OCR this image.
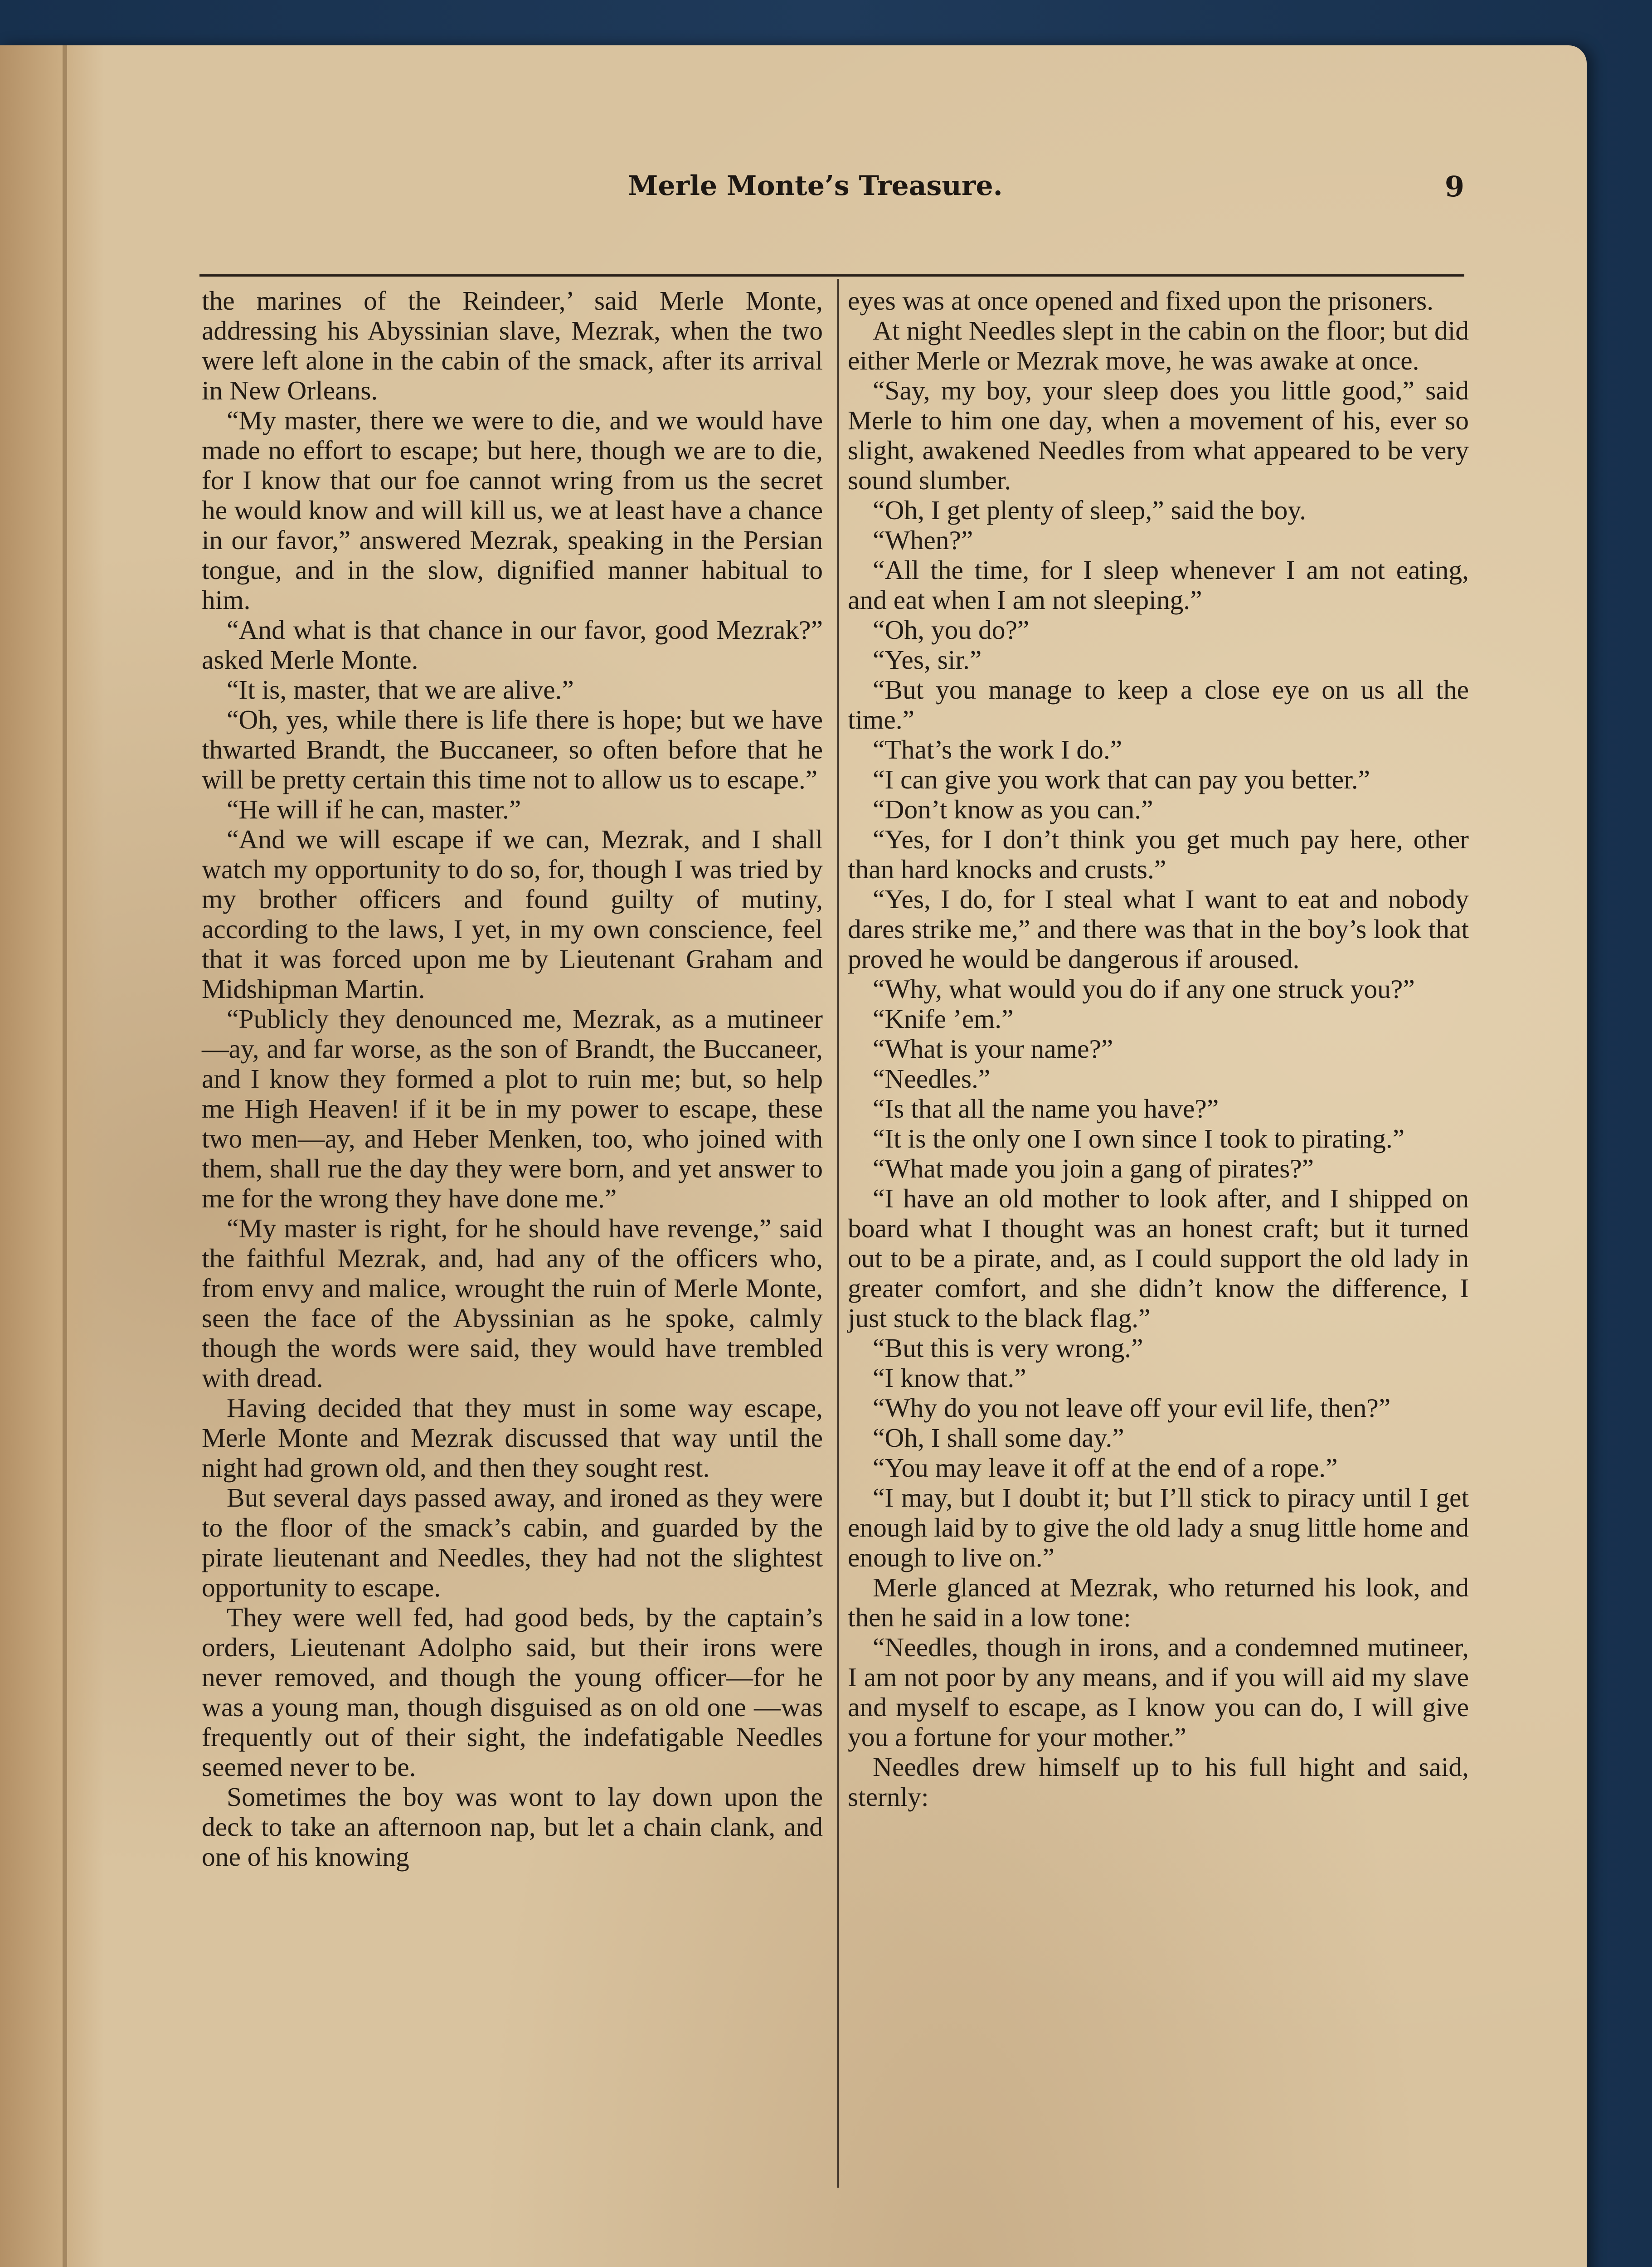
Merle Monte’s Treasure.	9

the marines of the Reindeer,’ said Merle Monte, addressing his Abyssinian slave, Mezrak, when the two were left alone in the cabin of the smack, after its arrival in New Orleans.

“My master, there we were to die, and we would have made no effort to escape; but here, though we are to die, for I know that our foe cannot wring from us the secret he would know and will kill us, we at least have a chance in our favor,” answered Mezrak, speaking in the Persian tongue, and in the slow, dignified manner habitual to him.

“And what is that chance in our favor, good Mezrak?” asked Merle Monte.

“It is, master, that we are alive.”

“Oh, yes, while there is life there is hope; but we have thwarted Brandt, the Buccaneer, so often before that he will be pretty certain this time not to allow us to escape.”

“He will if he can, master.”

“And we will escape if we can, Mezrak, and I shall watch my opportunity to do so, for, though I was tried by my brother officers and found guilty of mutiny, according to the laws, I yet, in my own conscience, feel that it was forced upon me by Lieutenant Graham and Midshipman Martin.

“Publicly they denounced me, Mezrak, as a mutineer—ay, and far worse, as the son of Brandt, the Buccaneer, and I know they formed a plot to ruin me; but, so help me High Heaven! if it be in my power to escape, these two men—ay, and Heber Menken, too, who joined with them, shall rue the day they were born, and yet answer to me for the wrong they have done me.”

“My master is right, for he should have revenge,” said the faithful Mezrak, and, had any of the officers who, from envy and malice, wrought the ruin of Merle Monte, seen the face of the Abyssinian as he spoke, calmly though the words were said, they would have trembled with dread.

Having decided that they must in some way escape, Merle Monte and Mezrak discussed that way until the night had grown old, and then they sought rest.

But several days passed away, and ironed as they were to the floor of the smack’s cabin, and guarded by the pirate lieutenant and Needles, they had not the slightest opportunity to escape.

They were well fed, had good beds, by the captain’s orders, Lieutenant Adolpho said, but their irons were never removed, and though the young officer—for he was a young man, though disguised as on old one —was frequently out of their sight, the indefatigable Needles seemed never to be.

Sometimes the boy was wont to lay down upon the deck to take an afternoon nap, but let a chain clank, and one of his knowing

eyes was at once opened and fixed upon the prisoners.

At night Needles slept in the cabin on the floor; but did either Merle or Mezrak move, he was awake at once.

“Say, my boy, your sleep does you little good,” said Merle to him one day, when a movement of his, ever so slight, awakened Needles from what appeared to be very sound slumber.

“Oh, I get plenty of sleep,” said the boy.

“When?”

“All the time, for I sleep whenever I am not eating, and eat when I am not sleeping.”

“Oh, you do?”

“Yes, sir.”

“But you manage to keep a close eye on us all the time.”

“That’s the work I do.”

“I can give you work that can pay you better.”

“Don’t know as you can.”

“Yes, for I don’t think you get much pay here, other than hard knocks and crusts.”

“Yes, I do, for I steal what I want to eat and nobody dares strike me,” and there was that in the boy’s look that proved he would be dangerous if aroused.

“Why, what would you do if any one struck you?”

“Knife ’em.”

“What is your name?”

“Needles.”

“Is that all the name you have?”

“It is the only one I own since I took to pirating.”

“What made you join a gang of pirates?”

“I have an old mother to look after, and I shipped on board what I thought was an honest craft; but it turned out to be a pirate, and, as I could support the old lady in greater comfort, and she didn’t know the difference, I just stuck to the black flag.”

“But this is very wrong.”

“I know that.”

“Why do you not leave off your evil life, then?”

“Oh, I shall some day.”

“You may leave it off at the end of a rope.”

“I may, but I doubt it; but I’ll stick to piracy until I get enough laid by to give the old lady a snug little home and enough to live on.”

Merle glanced at Mezrak, who returned his look, and then he said in a low tone:

“Needles, though in irons, and a condemned mutineer, I am not poor by any means, and if you will aid my slave and myself to escape, as I know you can do, I will give you a fortune for your mother.”

Needles drew himself up to his full hight and said, sternly:
